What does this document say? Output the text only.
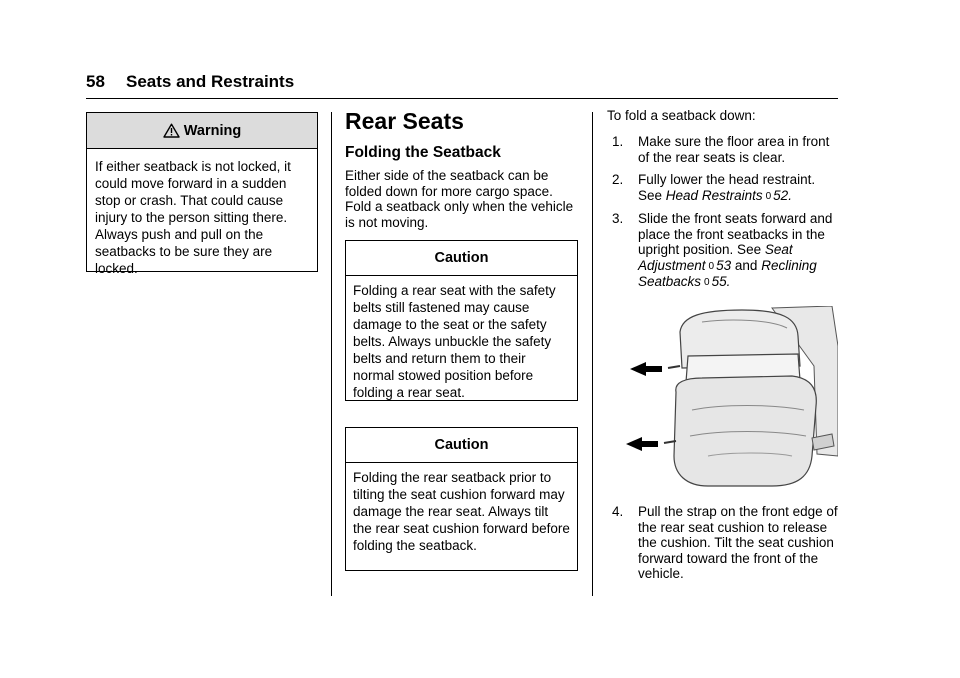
58 Seats and Restraints
Warning
If either seatback is not locked, it could move forward in a sudden stop or crash. That could cause injury to the person sitting there. Always push and pull on the seatbacks to be sure they are locked.
Rear Seats
Folding the Seatback
Either side of the seatback can be folded down for more cargo space. Fold a seatback only when the vehicle is not moving.
Caution
Folding a rear seat with the safety belts still fastened may cause damage to the seat or the safety belts. Always unbuckle the safety belts and return them to their normal stowed position before folding a rear seat.
Caution
Folding the rear seatback prior to tilting the seat cushion forward may damage the rear seat. Always tilt the rear seat cushion forward before folding the seatback.
To fold a seatback down:
1.	Make sure the floor area in front of the rear seats is clear.
2.	Fully lower the head restraint. See Head Restraints 0 52.
3.	Slide the front seats forward and place the front seatbacks in the upright position. See Seat Adjustment 0 53 and Reclining Seatbacks 0 55.
4.	Pull the strap on the front edge of the rear seat cushion to release the cushion. Tilt the seat cushion forward toward the front of the vehicle.
